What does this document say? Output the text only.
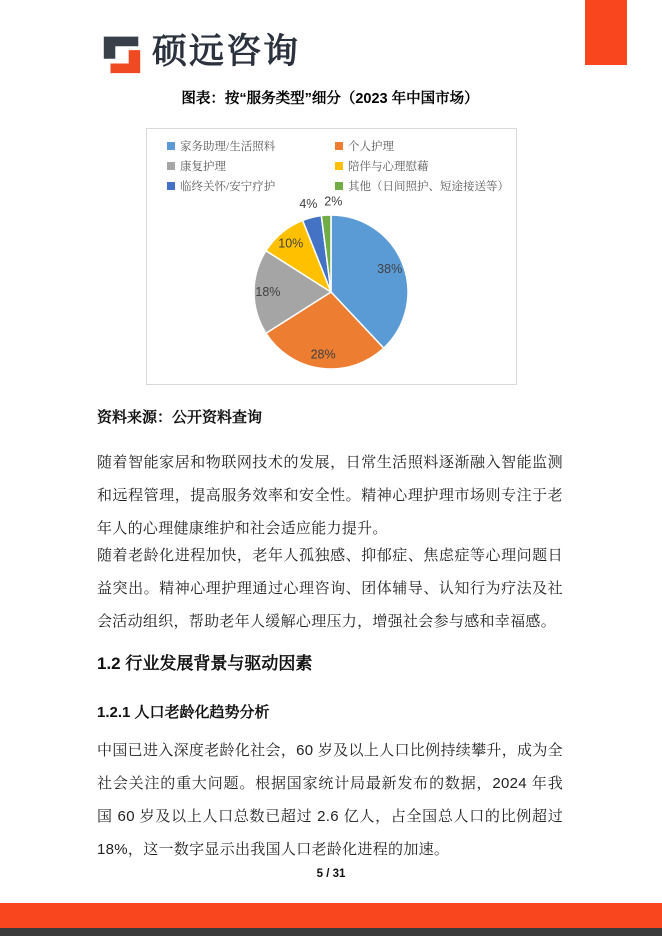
硕远咨询
图表：按“服务类型”细分（2023 年中国市场）
38%
28%
18%
10%
4% 2%
家务助理/生活照料	个人护理
康复护理	陪伴与心理慰藉
临终关怀/安宁疗护	其他（日间照护、短途接送等）
资料来源：公开资料查询
随着智能家居和物联网技术的发展，日常生活照料逐渐融入智能监测和远程管理，提高服务效率和安全性。精神心理护理市场则专注于老年人的心理健康维护和社会适应能力提升。
随着老龄化进程加快，老年人孤独感、抑郁症、焦虑症等心理问题日益突出。精神心理护理通过心理咨询、团体辅导、认知行为疗法及社会活动组织，帮助老年人缓解心理压力，增强社会参与感和幸福感。
1.2 行业发展背景与驱动因素
1.2.1 人口老龄化趋势分析
中国已进入深度老龄化社会，60 岁及以上人口比例持续攀升，成为全社会关注的重大问题。根据国家统计局最新发布的数据，2024 年我国 60 岁及以上人口总数已超过 2.6 亿人，占全国总人口的比例超过 18%，这一数字显示出我国人口老龄化进程的加速。
5 / 31
